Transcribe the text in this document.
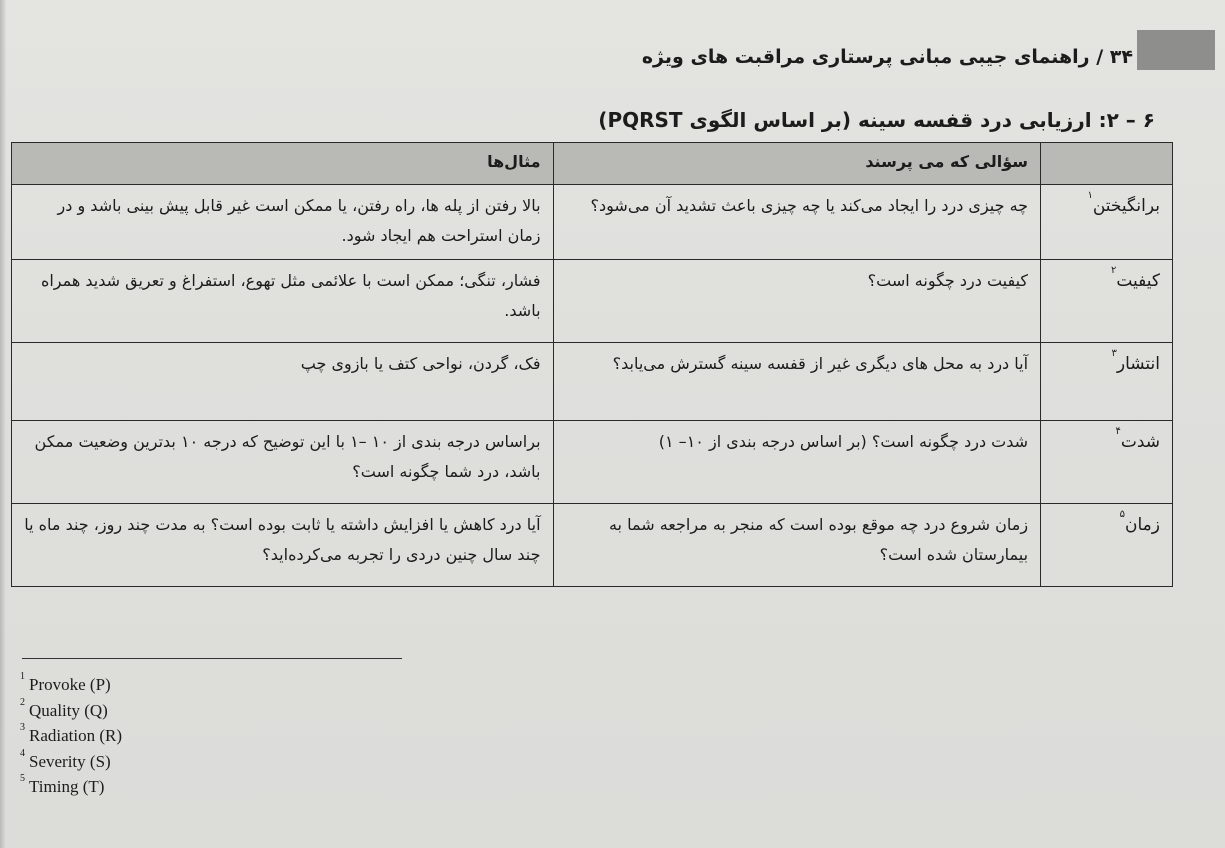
۳۴ / راهنمای جیبی مبانی پرستاری مراقبت های ویژه
۶ – ۲: ارزیابی درد قفسه سینه (بر اساس الگوی PQRST)
	سؤالی که می پرسند	مثال‌ها
برانگیختن$^۱$	چه چیزی درد را ایجاد می‌کند یا چه چیزی باعث تشدید آن می‌شود؟	بالا رفتن از پله ها، راه رفتن، یا ممکن است غیر قابل پیش بینی باشد و در زمان استراحت هم ایجاد شود.
کیفیت$^۲$	کیفیت درد چگونه است؟	فشار، تنگی؛ ممکن است با علائمی مثل تهوع، استفراغ و تعریق شدید همراه باشد.
انتشار$^۳$	آیا درد به محل های دیگری غیر از قفسه سینه گسترش می‌یابد؟	فک، گردن، نواحی کتف یا بازوی چپ
شدت$^۴$	شدت درد چگونه است؟ (بر اساس درجه بندی از ۱۰– ۱)	براساس درجه بندی از ۱۰ –۱ با این توضیح که درجه ۱۰ بدترین وضعیت ممکن باشد، درد شما چگونه است؟
زمان$^۵$	زمان شروع درد چه موقع بوده است که منجر به مراجعه شما به بیمارستان شده است؟	آیا درد کاهش یا افزایش داشته یا ثابت بوده است؟ به مدت چند روز، چند ماه یا چند سال چنین دردی را تجربه می‌کرده‌اید؟
$^1$ Provoke (P)
$^2$ Quality (Q)
$^3$ Radiation (R)
$^4$ Severity (S)
$^5$ Timing (T)
